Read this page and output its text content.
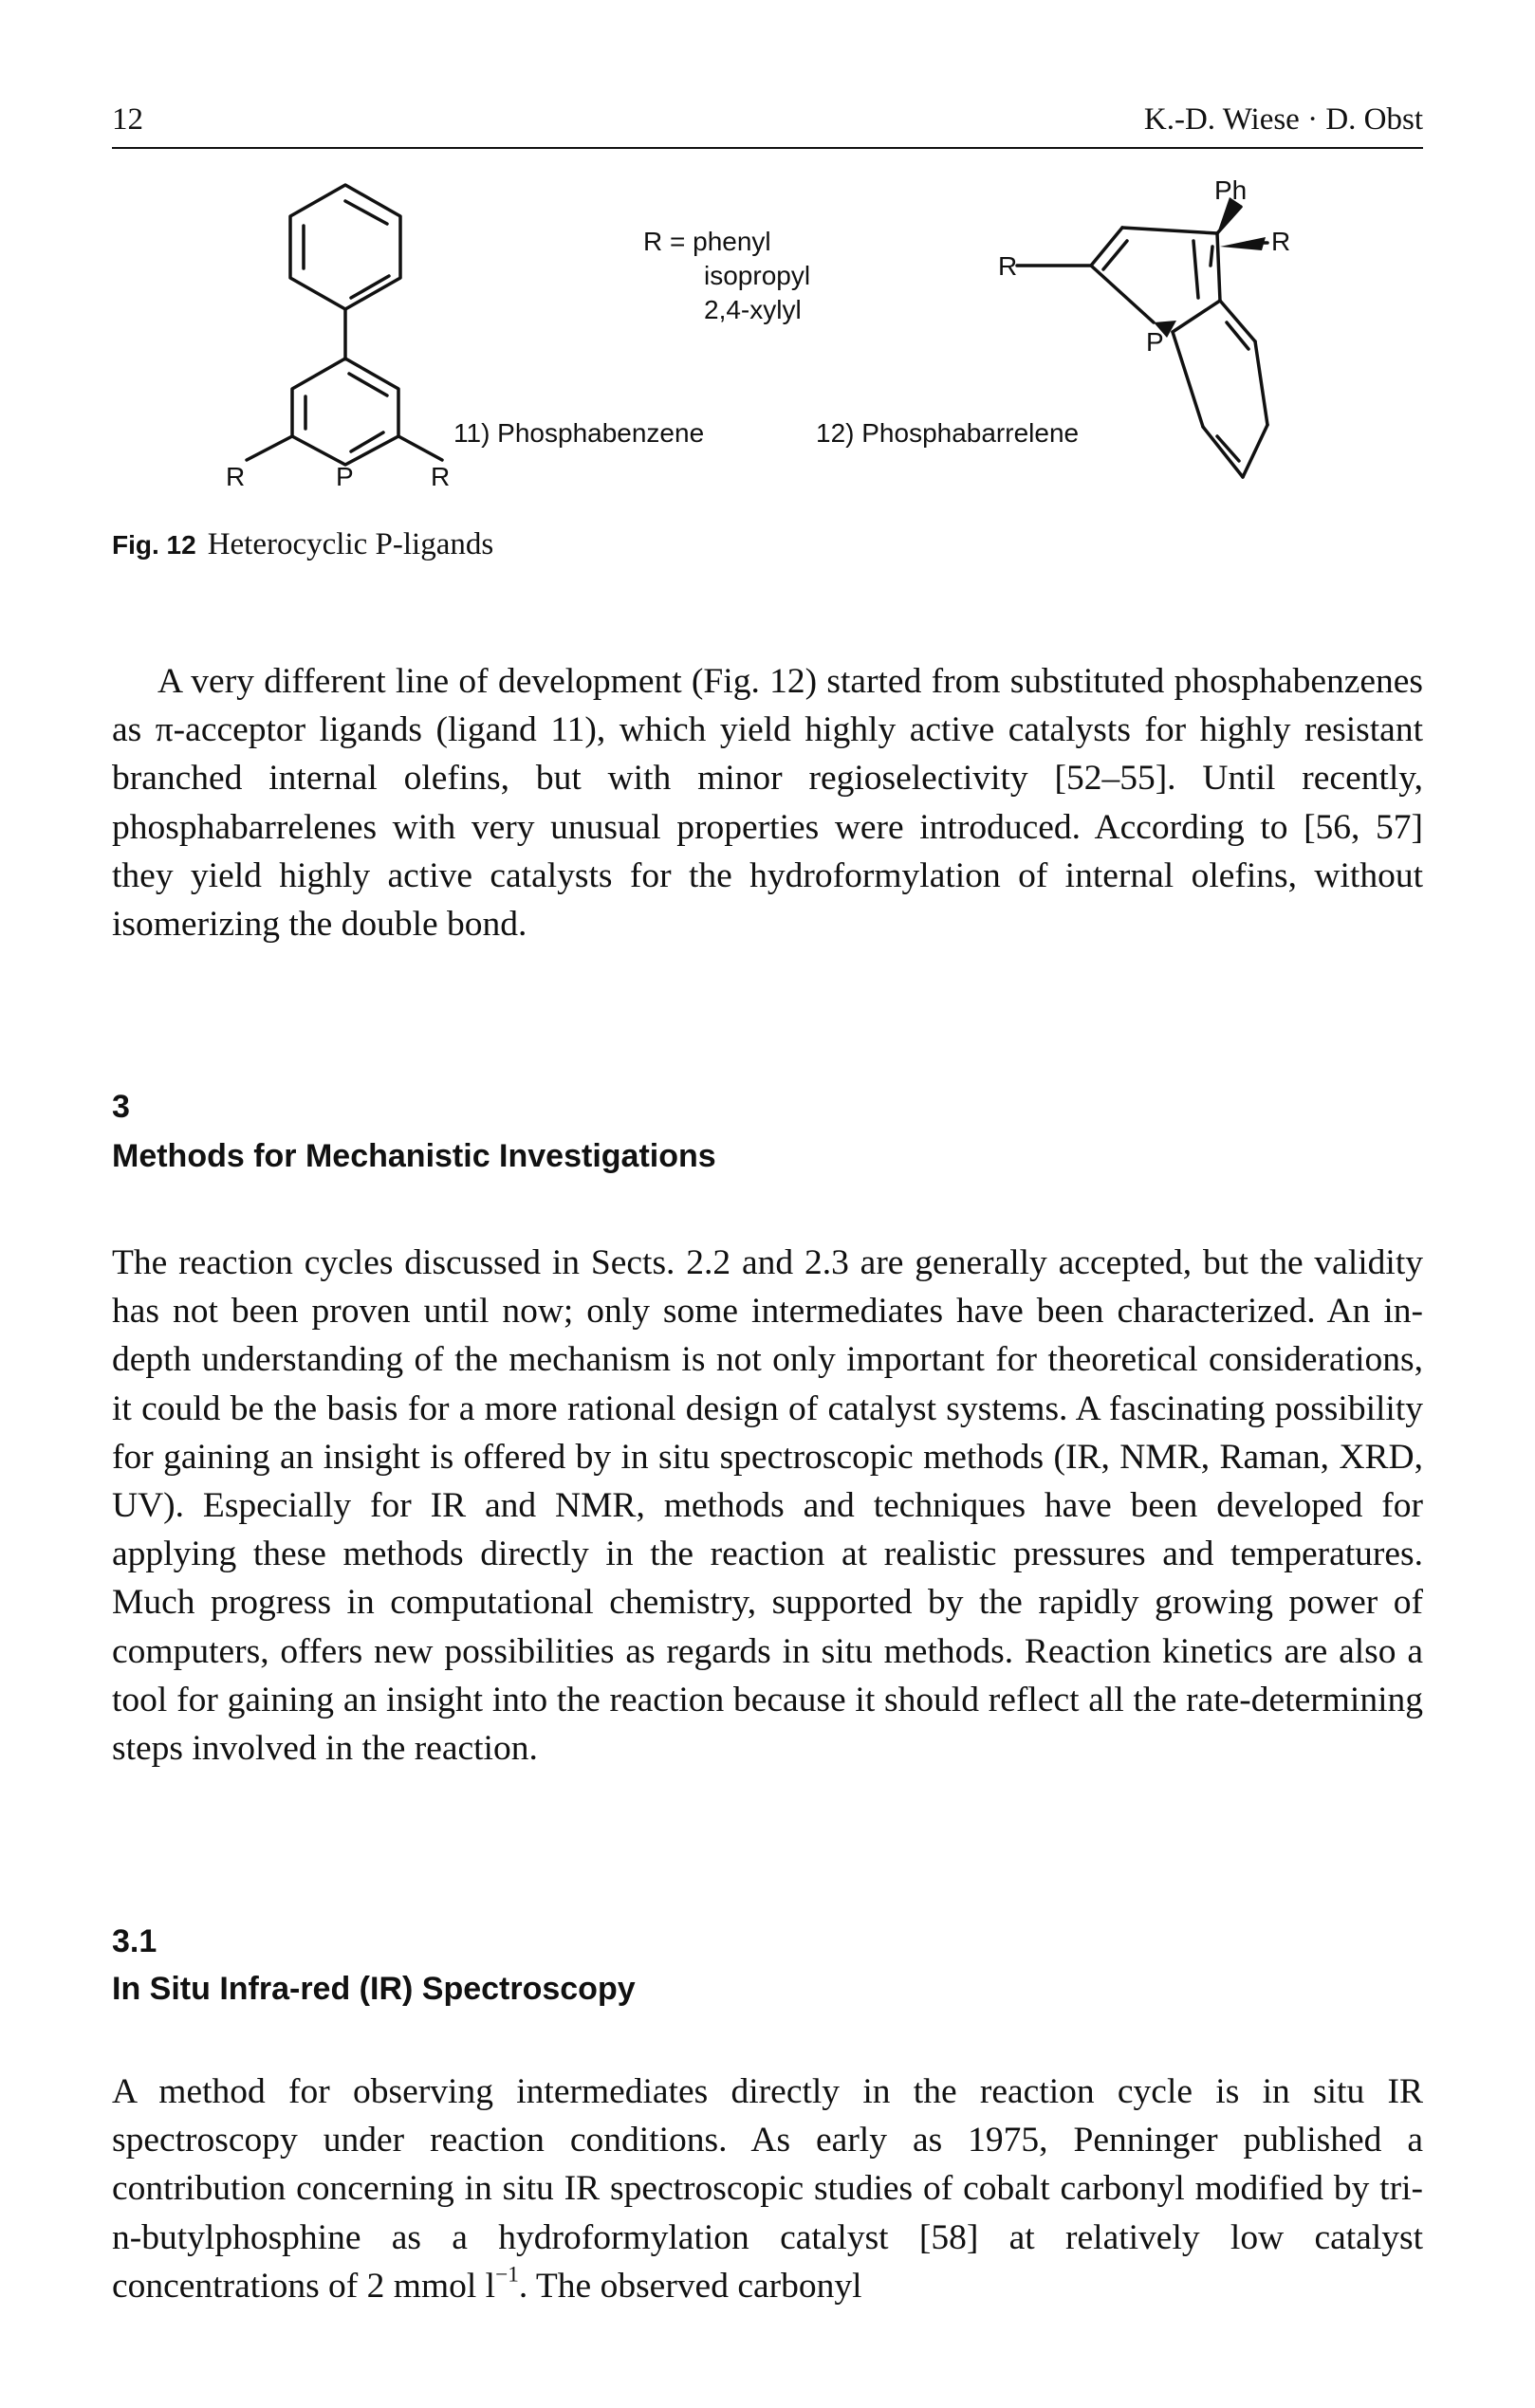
12	K.-D. Wiese · D. Obst
R	P	R
R = phenyl
isopropyl
2,4-xylyl
Ph
R
R
P
11) Phosphabenzene	12) Phosphabarrelene
Fig. 12 Heterocyclic P-ligands

A very different line of development (Fig. 12) started from substituted phosphabenzenes as π-acceptor ligands (ligand 11), which yield highly active catalysts for highly resistant branched internal olefins, but with minor regioselectivity [52–55]. Until recently, phosphabarrelenes with very unusual properties were introduced. According to [56, 57] they yield highly active catalysts for the hydroformylation of internal olefins, without isomerizing the double bond.

3
Methods for Mechanistic Investigations

The reaction cycles discussed in Sects. 2.2 and 2.3 are generally accepted, but the validity has not been proven until now; only some intermediates have been characterized. An in-depth understanding of the mechanism is not only important for theoretical considerations, it could be the basis for a more rational design of catalyst systems. A fascinating possibility for gaining an insight is offered by in situ spectroscopic methods (IR, NMR, Raman, XRD, UV). Especially for IR and NMR, methods and techniques have been developed for applying these methods directly in the reaction at realistic pressures and temperatures. Much progress in computational chemistry, supported by the rapidly growing power of computers, offers new possibilities as regards in situ methods. Reaction kinetics are also a tool for gaining an insight into the reaction because it should reflect all the rate-determining steps involved in the reaction.

3.1
In Situ Infra-red (IR) Spectroscopy

A method for observing intermediates directly in the reaction cycle is in situ IR spectroscopy under reaction conditions. As early as 1975, Penninger published a contribution concerning in situ IR spectroscopic studies of cobalt carbonyl modified by tri-n-butylphosphine as a hydroformylation catalyst [58] at relatively low catalyst concentrations of 2 mmol $l^{-1}$. The observed carbonyl
